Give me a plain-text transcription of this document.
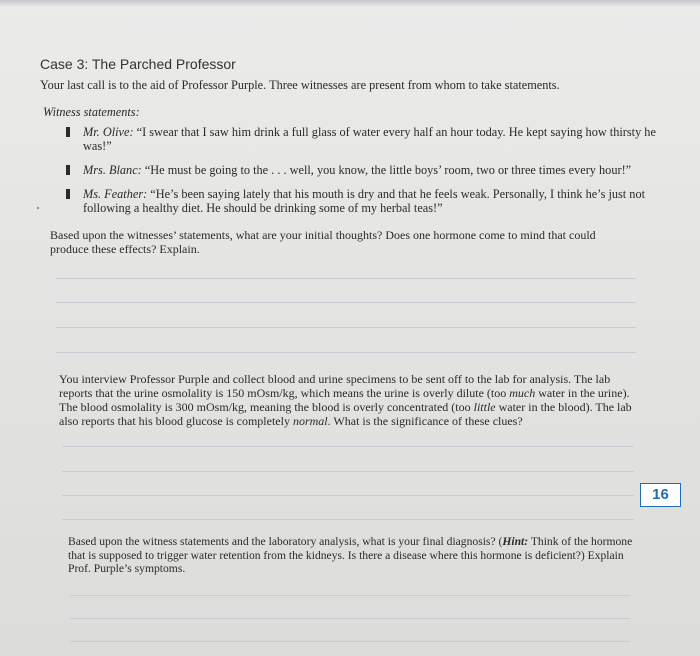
Case 3: The Parched Professor
Your last call is to the aid of Professor Purple. Three witnesses are present from whom to take statements.
Witness statements:
Mr. Olive: “I swear that I saw him drink a full glass of water every half an hour today. He kept saying how thirsty he was!”
Mrs. Blanc: “He must be going to the . . . well, you know, the little boys’ room, two or three times every hour!”
Ms. Feather: “He’s been saying lately that his mouth is dry and that he feels weak. Personally, I think he’s just not following a healthy diet. He should be drinking some of my herbal teas!”
Based upon the witnesses’ statements, what are your initial thoughts? Does one hormone come to mind that could produce these effects? Explain.
You interview Professor Purple and collect blood and urine specimens to be sent off to the lab for analysis. The lab reports that the urine osmolality is 150 mOsm/kg, which means the urine is overly dilute (too much water in the urine). The blood osmolality is 300 mOsm/kg, meaning the blood is overly concentrated (too little water in the blood). The lab also reports that his blood glucose is completely normal. What is the significance of these clues?
16
Based upon the witness statements and the laboratory analysis, what is your final diagnosis? (Hint: Think of the hormone that is supposed to trigger water retention from the kidneys. Is there a disease where this hormone is deficient?) Explain Prof. Purple’s symptoms.
